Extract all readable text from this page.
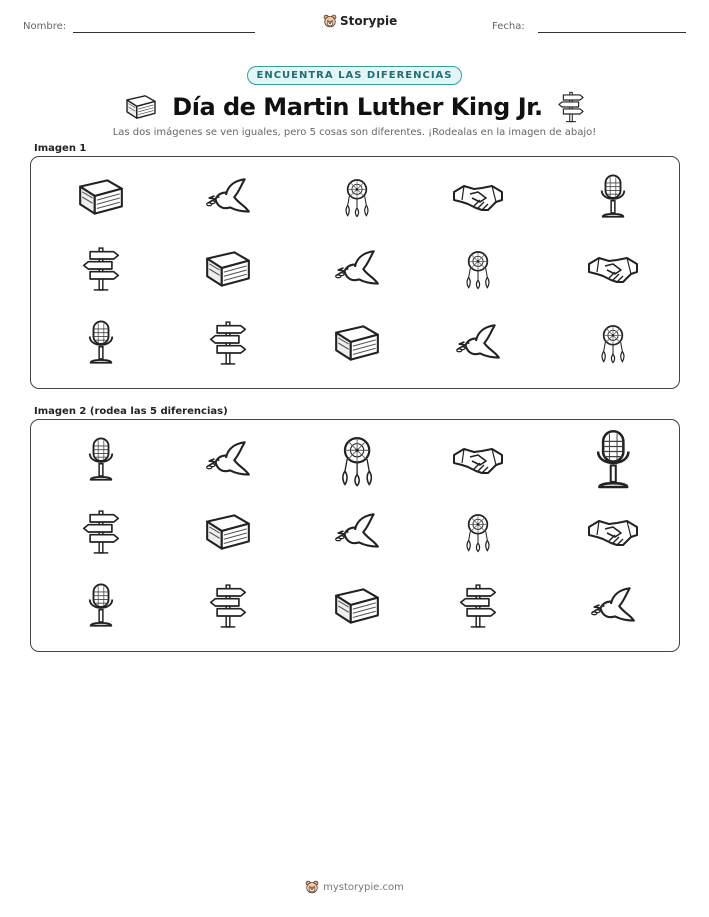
Nombre:	Storypie	Fecha:
ENCUENTRA LAS DIFERENCIAS
Día de Martin Luther King Jr.
Las dos imágenes se ven iguales, pero 5 cosas son diferentes. ¡Rodealas en la imagen de abajo!
Imagen 1
Imagen 2 (rodea las 5 diferencias)
mystorypie.com
